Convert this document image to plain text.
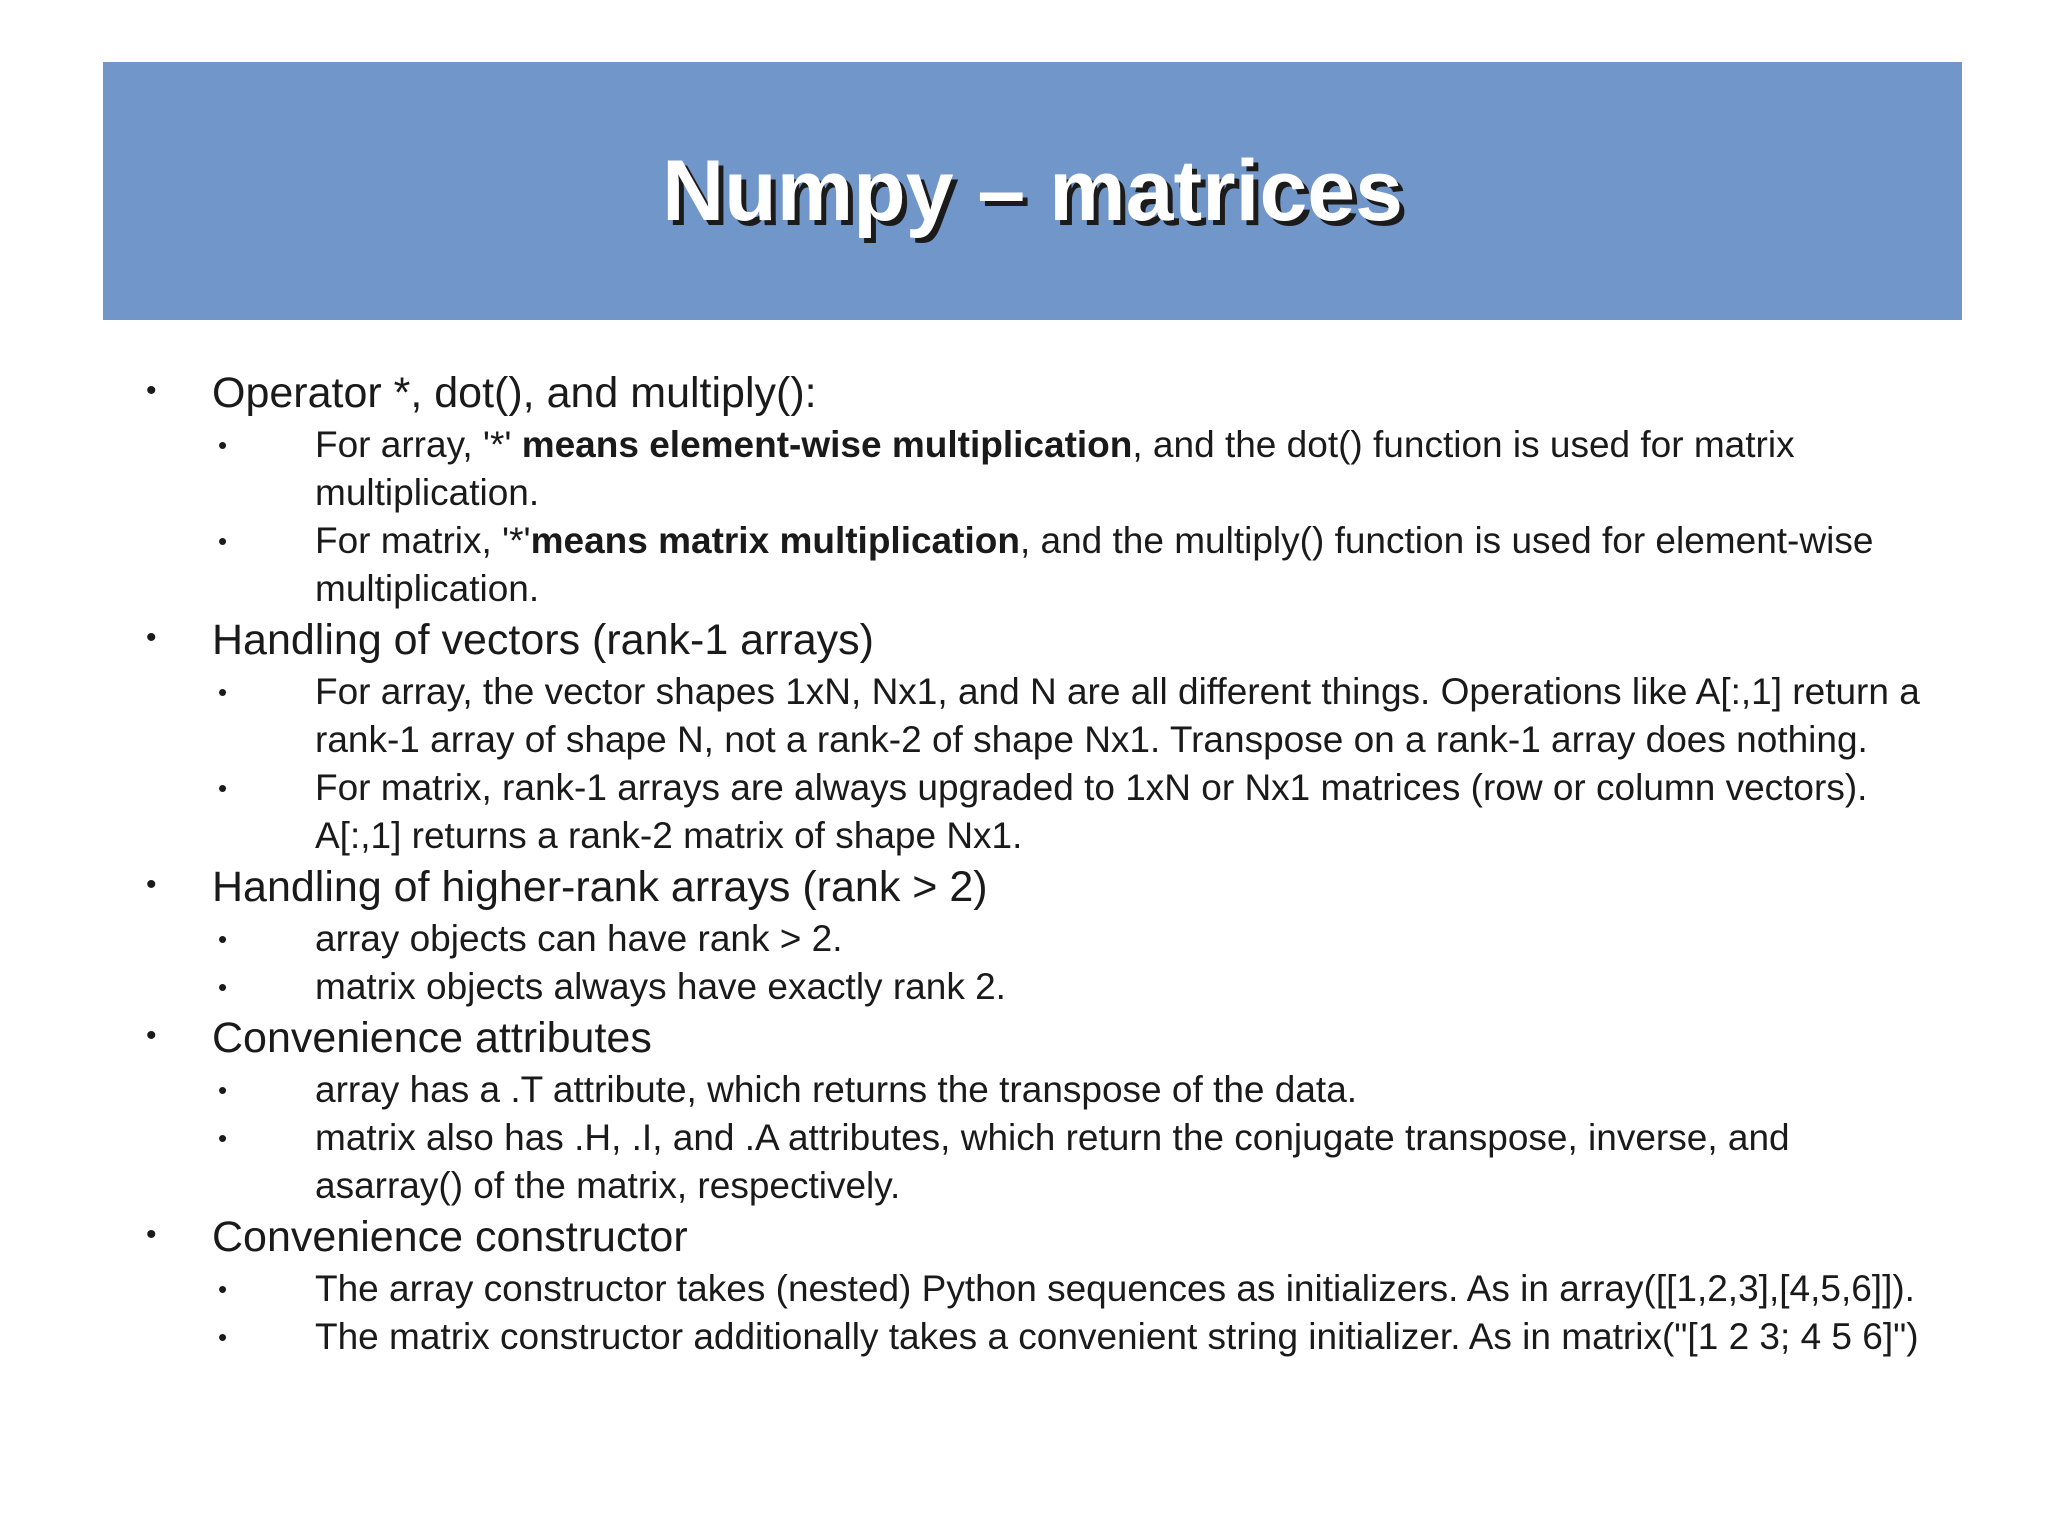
Numpy – matrices
• Operator *, dot(), and multiply():
• For array, '*' means element-wise multiplication, and the dot() function is used for matrix multiplication.
• For matrix, '*'means matrix multiplication, and the multiply() function is used for element-wise multiplication.
• Handling of vectors (rank-1 arrays)
• For array, the vector shapes 1xN, Nx1, and N are all different things. Operations like A[:,1] return a rank-1 array of shape N, not a rank-2 of shape Nx1. Transpose on a rank-1 array does nothing.
• For matrix, rank-1 arrays are always upgraded to 1xN or Nx1 matrices (row or column vectors). A[:,1] returns a rank-2 matrix of shape Nx1.
• Handling of higher-rank arrays (rank > 2)
• array objects can have rank > 2.
• matrix objects always have exactly rank 2.
• Convenience attributes
• array has a .T attribute, which returns the transpose of the data.
• matrix also has .H, .I, and .A attributes, which return the conjugate transpose, inverse, and asarray() of the matrix, respectively.
• Convenience constructor
• The array constructor takes (nested) Python sequences as initializers. As in array([[1,2,3],[4,5,6]]).
• The matrix constructor additionally takes a convenient string initializer. As in matrix("[1 2 3; 4 5 6]")
